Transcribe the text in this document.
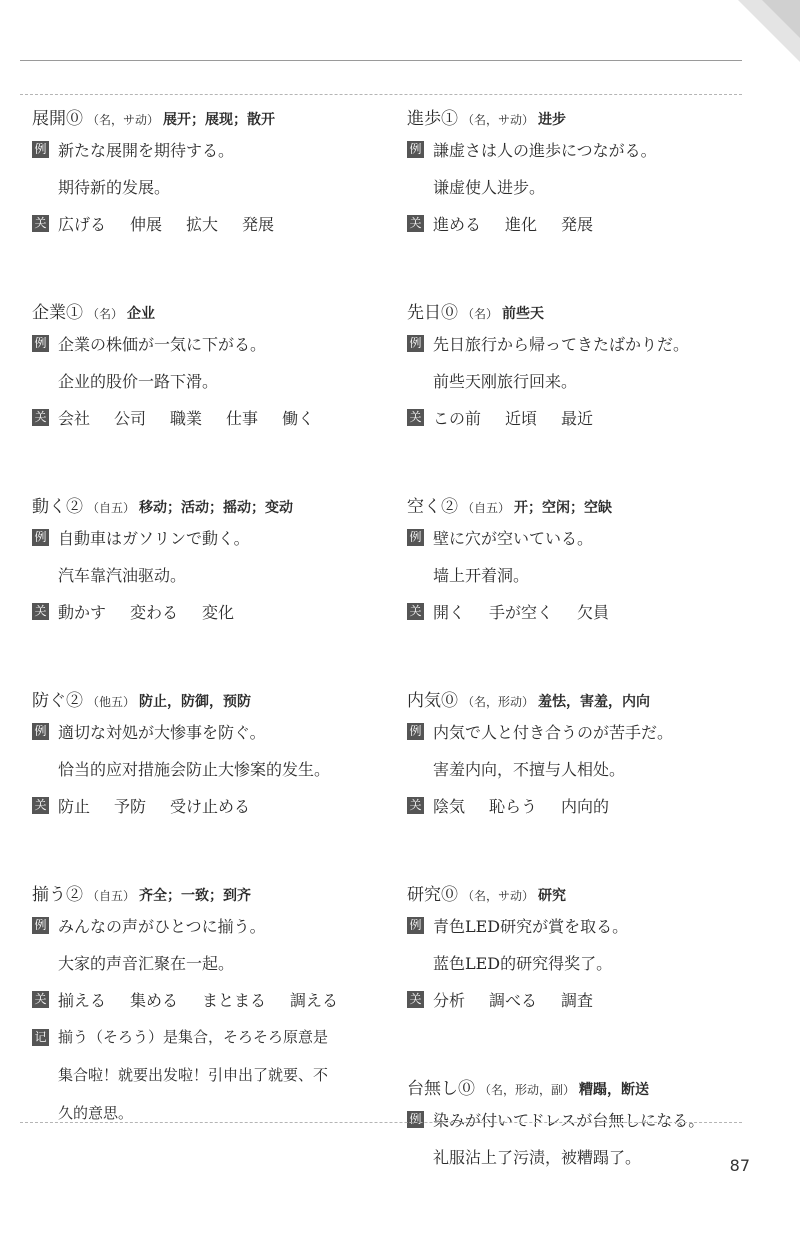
展開⓪ （名，サ动） 展开；展现；散开
例 新たな展開を期待する。
期待新的发展。
关 広げる 伸展 拡大 発展
企業① （名） 企业
例 企業の株価が一気に下がる。
企业的股价一路下滑。
关 会社 公司 職業 仕事 働く
動く② （自五） 移动；活动；摇动；变动
例 自動車はガソリンで動く。
汽车靠汽油驱动。
关 動かす 変わる 変化
防ぐ② （他五） 防止，防御，预防
例 適切な対処が大惨事を防ぐ。
恰当的应对措施会防止大惨案的发生。
关 防止 予防 受け止める
揃う② （自五） 齐全；一致；到齐
例 みんなの声がひとつに揃う。
大家的声音汇聚在一起。
关 揃える 集める まとまる 調える
记 揃う（そろう）是集合，そろそろ原意是
集合啦！就要出发啦！引申出了就要、不
久的意思。
進歩① （名，サ动） 进步
例 謙虚さは人の進歩につながる。
谦虚使人进步。
关 進める 進化 発展
先日⓪ （名） 前些天
例 先日旅行から帰ってきたばかりだ。
前些天刚旅行回来。
关 この前 近頃 最近
空く② （自五） 开；空闲；空缺
例 壁に穴が空いている。
墙上开着洞。
关 開く 手が空く 欠員
内気⓪ （名，形动） 羞怯，害羞，内向
例 内気で人と付き合うのが苦手だ。
害羞内向，不擅与人相处。
关 陰気 恥らう 内向的
研究⓪ （名，サ动） 研究
例 青色LED研究が賞を取る。
蓝色LED的研究得奖了。
关 分析 調べる 調査
台無し⓪ （名，形动，副） 糟蹋，断送
例 染みが付いてドレスが台無しになる。
礼服沾上了污渍，被糟蹋了。	87
